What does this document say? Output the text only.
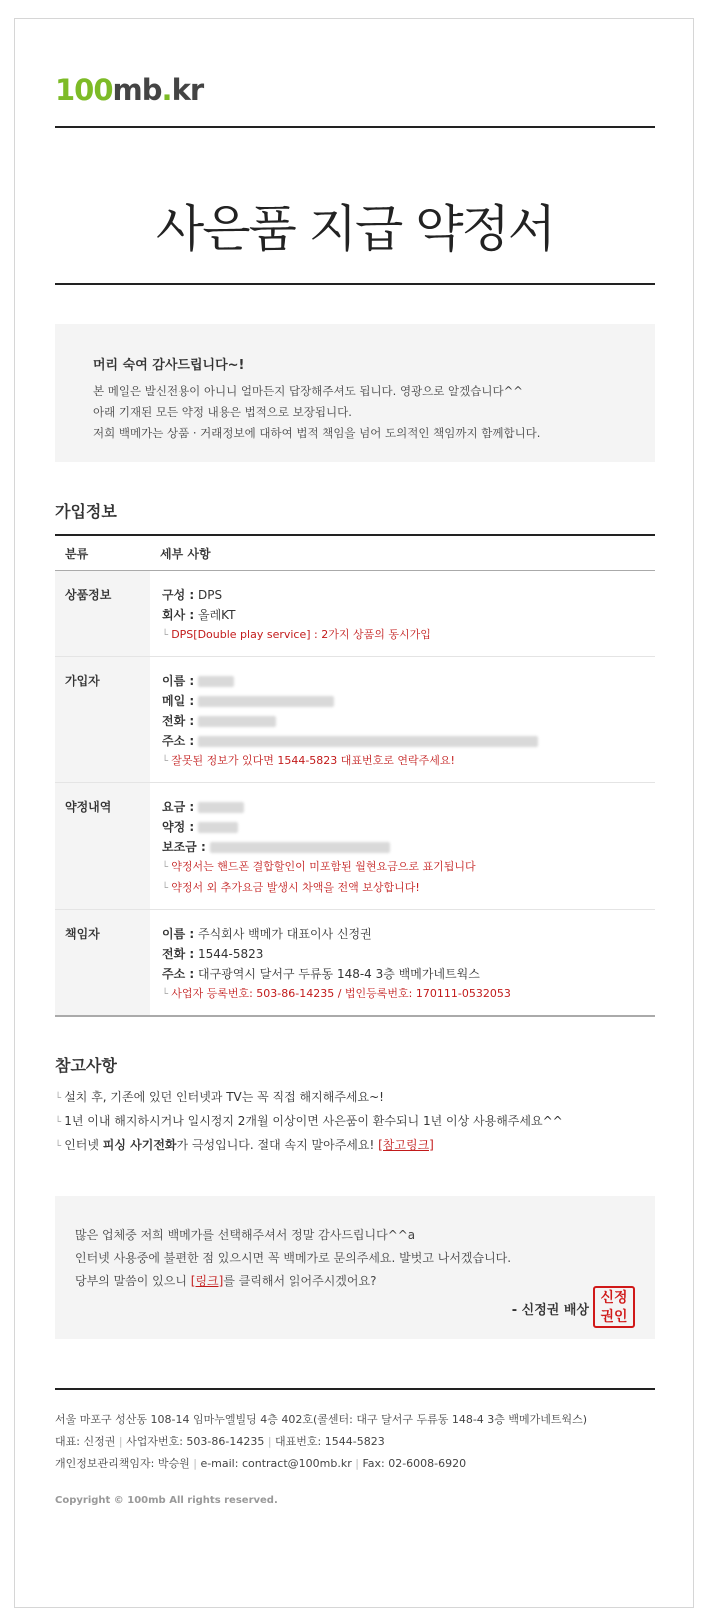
100mb.kr
사은품 지급 약정서
머리 숙여 감사드립니다~!

본 메일은 발신전용이 아니니 얼마든지 답장해주셔도 됩니다. 영광으로 알겠습니다^^

아래 기재된 모든 약정 내용은 법적으로 보장됩니다.

저희 백메가는 상품 · 거래정보에 대하여 법적 책임을 넘어 도의적인 책임까지 함께합니다.

가입정보
분류	세부 사항
상품정보	구성 : DPS
회사 : 올레KT
└ DPS[Double play service] : 2가지 상품의 동시가입

가입자	이름 :
메일 :
전화 :
주소 :
└ 잘못된 정보가 있다면 1544-5823 대표번호로 연락주세요!

약정내역	요금 :
약정 :
보조금 :
└ 약정서는 핸드폰 결합할인이 미포함된 월현요금으로 표기됩니다
└ 약정서 외 추가요금 발생시 차액을 전액 보상합니다!

책임자	이름 : 주식회사 백메가 대표이사 신정권
전화 : 1544-5823
주소 : 대구광역시 달서구 두류동 148-4 3층 백메가네트웍스
└ 사업자 등록번호: 503-86-14235 / 법인등록번호: 170111-0532053
참고사항
└ 설치 후, 기존에 있던 인터넷과 TV는 꼭 직접 해지해주세요~!
└ 1년 이내 해지하시거나 일시정지 2개월 이상이면 사은품이 환수되니 1년 이상 사용해주세요^^
└ 인터넷 피싱 사기전화가 극성입니다. 절대 속지 말아주세요! [참고링크]

많은 업체중 저희 백메가를 선택해주셔서 정말 감사드립니다^^a

인터넷 사용중에 불편한 점 있으시면 꼭 백메가로 문의주세요. 발벗고 나서겠습니다.

당부의 말씀이 있으니 [링크]를 클릭해서 읽어주시겠어요?

- 신정권 배상
신정
권인
서울 마포구 성산동 108-14 임마누엘빌딩 4층 402호(콜센터: 대구 달서구 두류동 148-4 3층 백메가네트웍스)
대표: 신정권 | 사업자번호: 503-86-14235 | 대표번호: 1544-5823
개인정보관리책임자: 박승원 | e-mail: contract@100mb.kr | Fax: 02-6008-6920
Copyright © 100mb All rights reserved.
